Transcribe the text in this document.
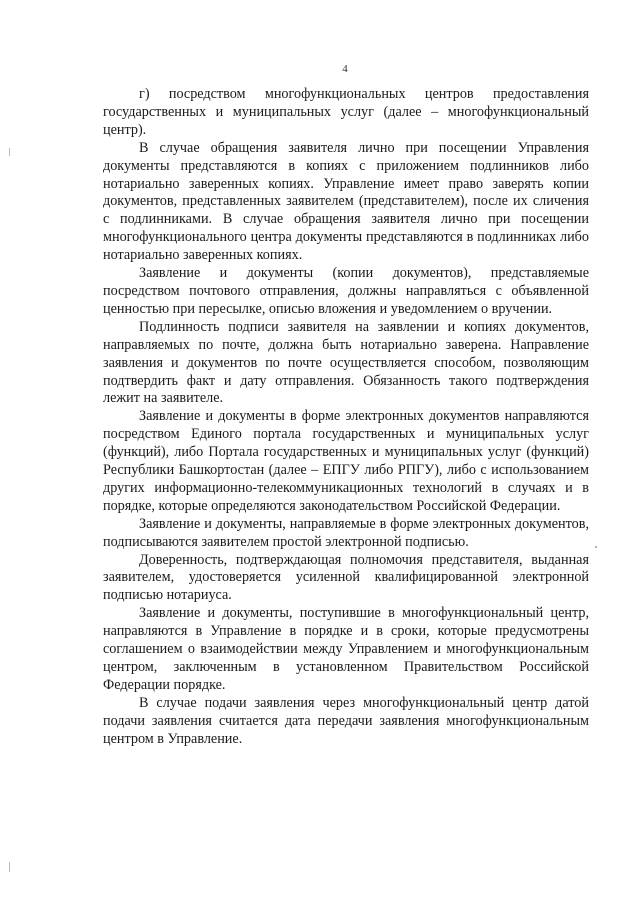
4

г) посредством многофункциональных центров предоставления государственных и муниципальных услуг (далее – многофункциональный центр).

В случае обращения заявителя лично при посещении Управления документы представляются в копиях с приложением подлинников либо нотариально заверенных копиях. Управление имеет право заверять копии документов, представленных заявителем (представителем), после их сличения с подлинниками. В случае обращения заявителя лично при посещении многофункционального центра документы представляются в подлинниках либо нотариально заверенных копиях.

Заявление и документы (копии документов), представляемые посредством почтового отправления, должны направляться с объявленной ценностью при пересылке, описью вложения и уведомлением о вручении.

Подлинность подписи заявителя на заявлении и копиях документов, направляемых по почте, должна быть нотариально заверена. Направление заявления и документов по почте осуществляется способом, позволяющим подтвердить факт и дату отправления. Обязанность такого подтверждения лежит на заявителе.

Заявление и документы в форме электронных документов направляются посредством Единого портала государственных и муниципальных услуг (функций), либо Портала государственных и муниципальных услуг (функций) Республики Башкортостан (далее – ЕПГУ либо РПГУ), либо с использованием других информационно-телекоммуникационных технологий в случаях и в порядке, которые определяются законодательством Российской Федерации.

Заявление и документы, направляемые в форме электронных документов, подписываются заявителем простой электронной подписью.

Доверенность, подтверждающая полномочия представителя, выданная заявителем, удостоверяется усиленной квалифицированной электронной подписью нотариуса.

Заявление и документы, поступившие в многофункциональный центр, направляются в Управление в порядке и в сроки, которые предусмотрены соглашением о взаимодействии между Управлением и многофункциональным центром, заключенным в установленном Правительством Российской Федерации порядке.

В случае подачи заявления через многофункциональный центр датой подачи заявления считается дата передачи заявления многофункциональным центром в Управление.
